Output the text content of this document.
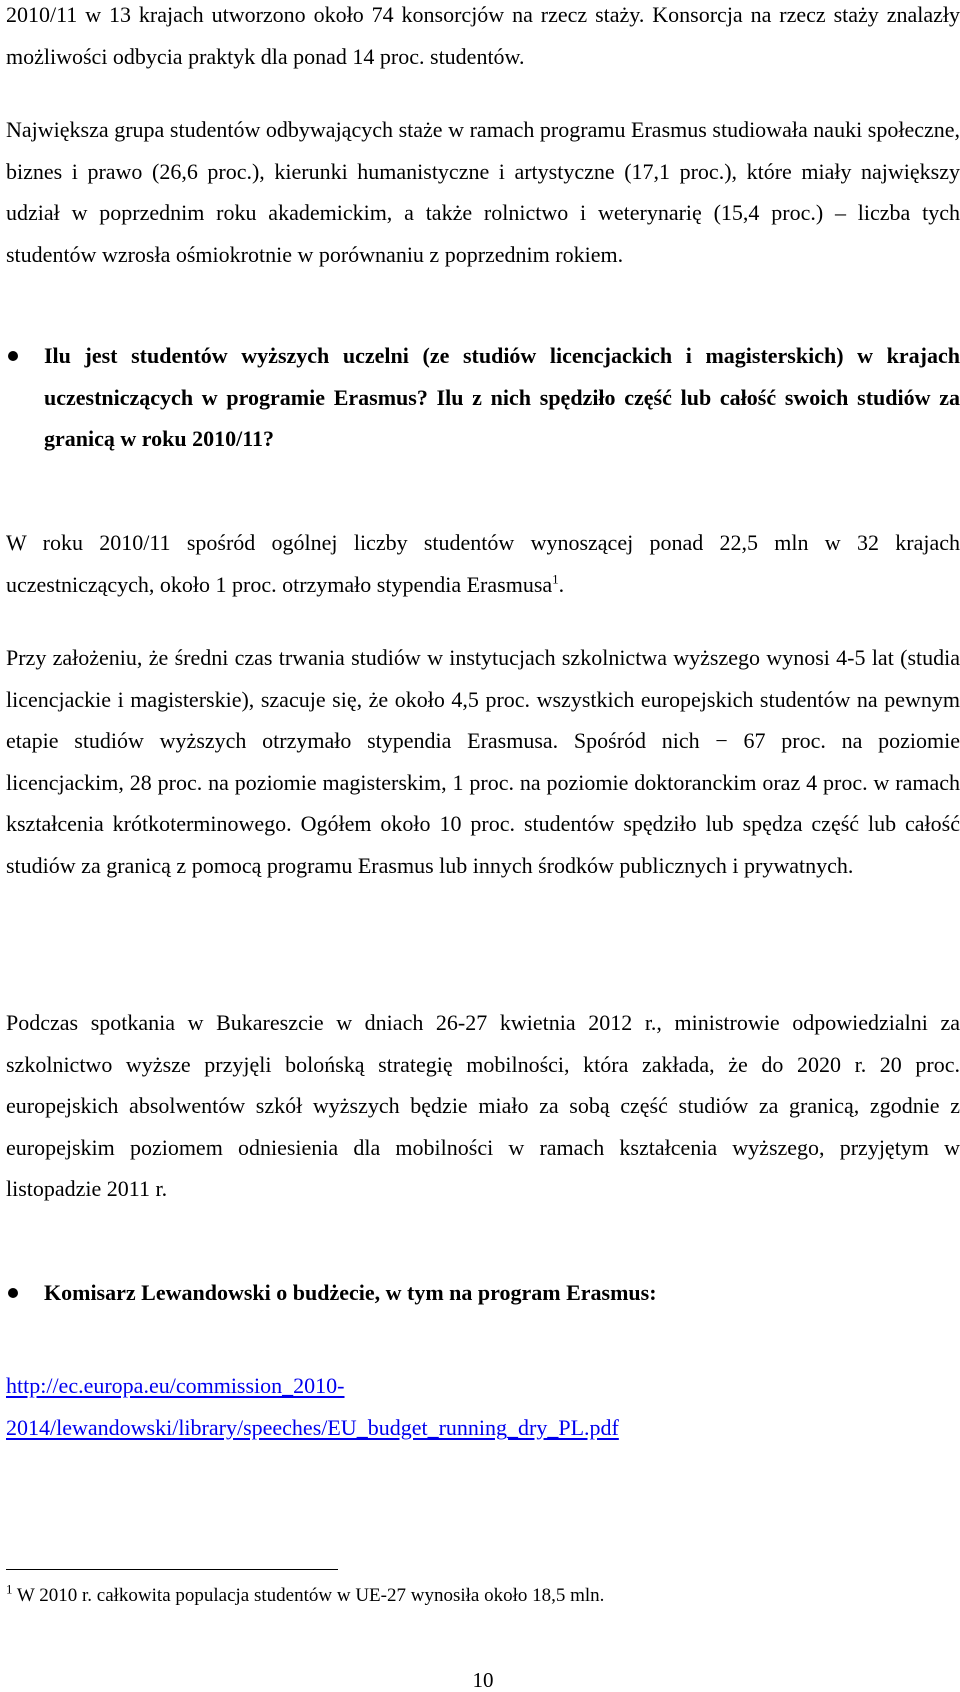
2010/11 w 13 krajach utworzono około 74 konsorcjów na rzecz staży. Konsorcja na rzecz staży znalazły możliwości odbycia praktyk dla ponad 14 proc. studentów.

Największa grupa studentów odbywających staże w ramach programu Erasmus studiowała nauki społeczne, biznes i prawo (26,6 proc.), kierunki humanistyczne i artystyczne (17,1 proc.), które miały największy udział w poprzednim roku akademickim, a także rolnictwo i weterynarię (15,4 proc.) – liczba tych studentów wzrosła ośmiokrotnie w porównaniu z poprzednim rokiem.

Ilu jest studentów wyższych uczelni (ze studiów licencjackich i magisterskich) w krajach uczestniczących w programie Erasmus? Ilu z nich spędziło część lub całość swoich studiów za granicą w roku 2010/11?

W roku 2010/11 spośród ogólnej liczby studentów wynoszącej ponad 22,5 mln w 32 krajach uczestniczących, około 1 proc. otrzymało stypendia Erasmusa$^1$.

Przy założeniu, że średni czas trwania studiów w instytucjach szkolnictwa wyższego wynosi 4-5 lat (studia licencjackie i magisterskie), szacuje się, że około 4,5 proc. wszystkich europejskich studentów na pewnym etapie studiów wyższych otrzymało stypendia Erasmusa. Spośród nich − 67 proc. na poziomie licencjackim, 28 proc. na poziomie magisterskim, 1 proc. na poziomie doktoranckim oraz 4 proc. w ramach kształcenia krótkoterminowego. Ogółem około 10 proc. studentów spędziło lub spędza część lub całość studiów za granicą z pomocą programu Erasmus lub innych środków publicznych i prywatnych.

Podczas spotkania w Bukareszcie w dniach 26-27 kwietnia 2012 r., ministrowie odpowiedzialni za szkolnictwo wyższe przyjęli bolońską strategię mobilności, która zakłada, że do 2020 r. 20 proc. europejskich absolwentów szkół wyższych będzie miało za sobą część studiów za granicą, zgodnie z europejskim poziomem odniesienia dla mobilności w ramach kształcenia wyższego, przyjętym w listopadzie 2011 r.

Komisarz Lewandowski o budżecie, w tym na program Erasmus:
http://ec.europa.eu/commission_2010-
2014/lewandowski/library/speeches/EU_budget_running_dry_PL.pdf
$^1$ W 2010 r. całkowita populacja studentów w UE-27 wynosiła około 18,5 mln.
10
